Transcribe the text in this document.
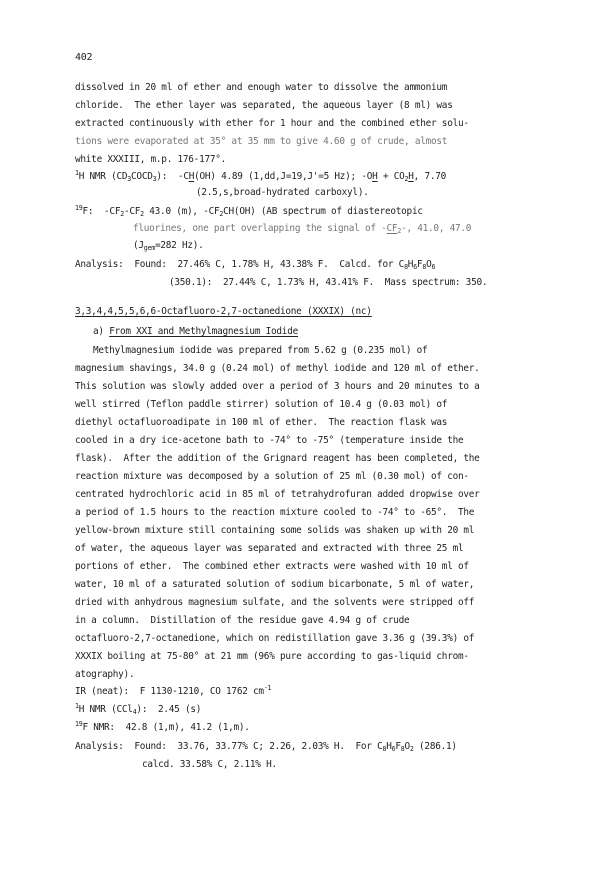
402
dissolved in 20 ml of ether and enough water to dissolve the ammonium
chloride.  The ether layer was separated, the aqueous layer (8 ml) was
extracted continuously with ether for 1 hour and the combined ether solu-
tions were evaporated at 35° at 35 mm to give 4.60 g of crude, almost
white XXXIII, m.p. 176-177°.
$^1$H NMR $(CD_3COCD_3)$:  -CH(OH) 4.89 (1,dd,J=19,J'=5 Hz); $-OH + CO_2H$, 7.70
(2.5,s,broad-hydrated carboxyl).
$^{19}$F:  $-CF_2-CF_2$ 43.0 (m), $-CF_2CH(OH)$ (AB spectrum of diastereotopic
fluorines, one part overlapping the signal of $-CF_2-$, 41.0, 47.0
($J_{gem}=282$ Hz).
Analysis:  Found:  27.46% C, 1.78% H, 43.38% F.  Calcd. for $C_8H_6F_8O_6$
(350.1):  27.44% C, 1.73% H, 43.41% F.  Mass spectrum: 350.
3,3,4,4,5,5,6,6-Octafluoro-2,7-octanedione (XXXIX) (nc)
a) From XXI and Methylmagnesium Iodide
Methylmagnesium iodide was prepared from 5.62 g (0.235 mol) of
magnesium shavings, 34.0 g (0.24 mol) of methyl iodide and 120 ml of ether.
This solution was slowly added over a period of 3 hours and 20 minutes to a
well stirred (Teflon paddle stirrer) solution of 10.4 g (0.03 mol) of
diethyl octafluoroadipate in 100 ml of ether.  The reaction flask was
cooled in a dry ice-acetone bath to -74° to -75° (temperature inside the
flask).  After the addition of the Grignard reagent has been completed, the
reaction mixture was decomposed by a solution of 25 ml (0.30 mol) of con-
centrated hydrochloric acid in 85 ml of tetrahydrofuran added dropwise over
a period of 1.5 hours to the reaction mixture cooled to -74° to -65°.  The
yellow-brown mixture still containing some solids was shaken up with 20 ml
of water, the aqueous layer was separated and extracted with three 25 ml
portions of ether.  The combined ether extracts were washed with 10 ml of
water, 10 ml of a saturated solution of sodium bicarbonate, 5 ml of water,
dried with anhydrous magnesium sulfate, and the solvents were stripped off
in a column.  Distillation of the residue gave 4.94 g of crude
octafluoro-2,7-octanedione, which on redistillation gave 3.36 g (39.3%) of
XXXIX boiling at 75-80° at 21 mm (96% pure according to gas-liquid chrom-
atography).
IR (neat):  F 1130-1210, CO 1762 $cm^{-1}$
$^1$H NMR (CCl$_4$):  2.45 (s)
$^{19}$F NMR:  42.8 (1,m), 41.2 (1,m).
Analysis:  Found:  33.76, 33.77% C; 2.26, 2.03% H.  For $C_8H_6F_8O_2$ (286.1)
calcd. 33.58% C, 2.11% H.
